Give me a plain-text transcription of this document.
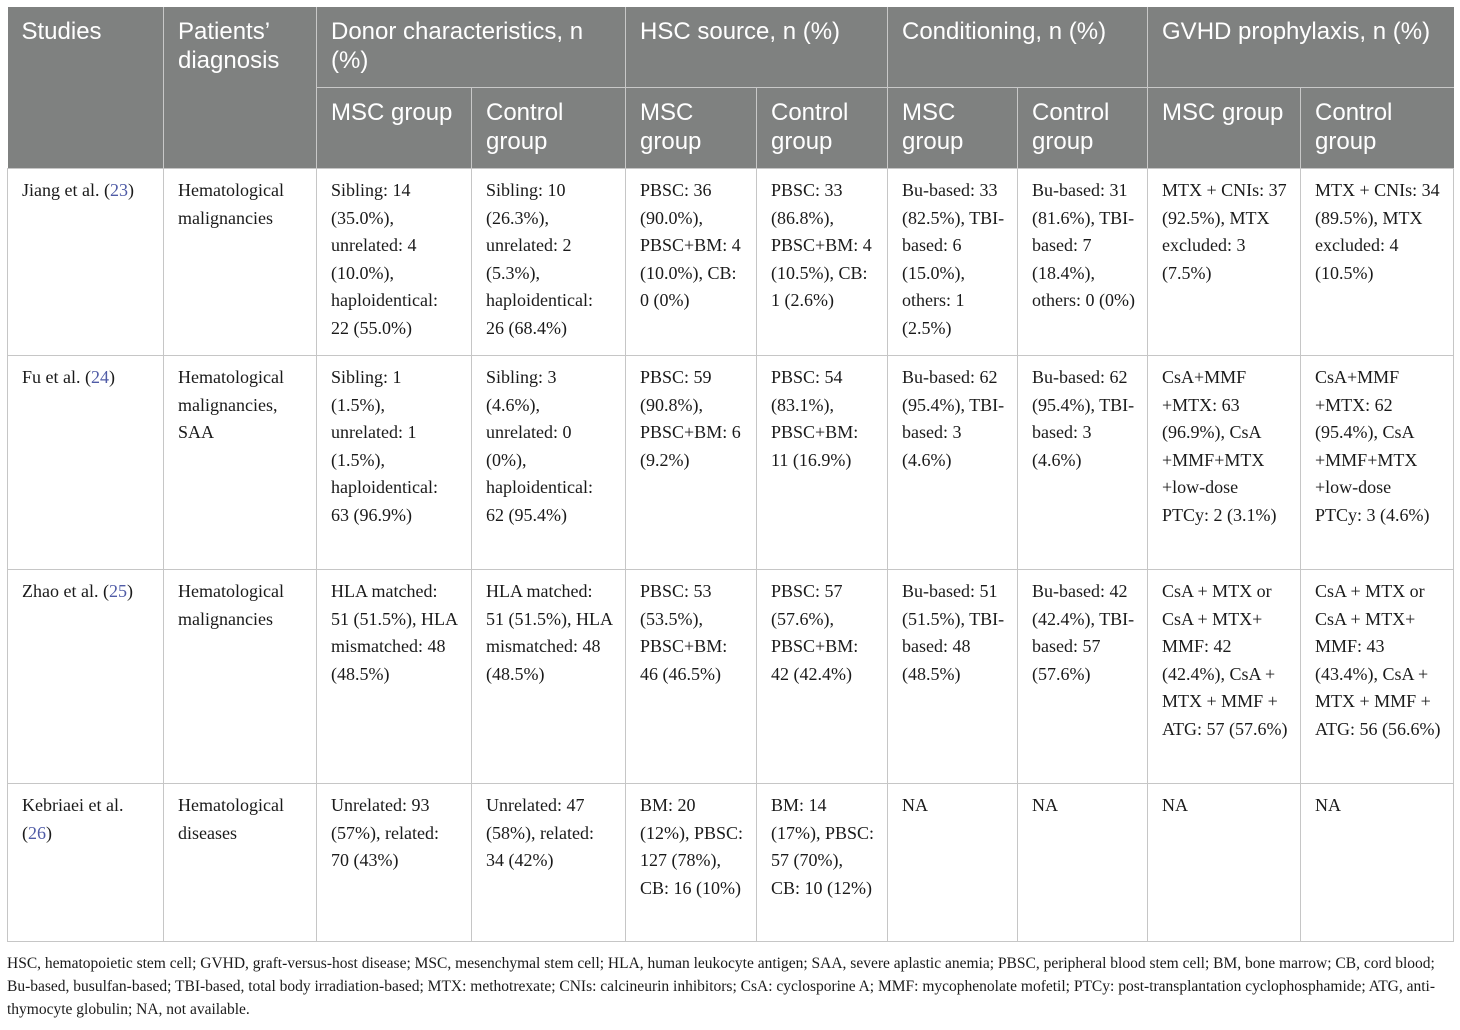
Studies	Patients’ diagnosis	Donor characteristics, n (%)		HSC source, n (%)		Conditioning, n (%)		GVHD prophylaxis, n (%)	
		MSC group	Control group	MSC group	Control group	MSC group	Control group	MSC group	Control group
Jiang et al. (23)	Hematological malignancies	Sibling: 14 (35.0%), unrelated: 4 (10.0%), haploidentical: 22 (55.0%)	Sibling: 10 (26.3%), unrelated: 2 (5.3%), haploidentical: 26 (68.4%)	PBSC: 36 (90.0%), PBSC+BM: 4 (10.0%), CB: 0 (0%)	PBSC: 33 (86.8%), PBSC+BM: 4 (10.5%), CB: 1 (2.6%)	Bu-based: 33 (82.5%), TBI-based: 6 (15.0%), others: 1 (2.5%)	Bu-based: 31 (81.6%), TBI-based: 7 (18.4%), others: 0 (0%)	MTX + CNIs: 37 (92.5%), MTX excluded: 3 (7.5%)	MTX + CNIs: 34 (89.5%), MTX excluded: 4 (10.5%)
Fu et al. (24)	Hematological malignancies, SAA	Sibling: 1 (1.5%), unrelated: 1 (1.5%), haploidentical: 63 (96.9%)	Sibling: 3 (4.6%), unrelated: 0 (0%), haploidentical: 62 (95.4%)	PBSC: 59 (90.8%), PBSC+BM: 6 (9.2%)	PBSC: 54 (83.1%), PBSC+BM: 11 (16.9%)	Bu-based: 62 (95.4%), TBI-based: 3 (4.6%)	Bu-based: 62 (95.4%), TBI-based: 3 (4.6%)	CsA+MMF +MTX: 63 (96.9%), CsA +MMF+MTX +low-dose PTCy: 2 (3.1%)	CsA+MMF +MTX: 62 (95.4%), CsA +MMF+MTX +low-dose PTCy: 3 (4.6%)
Zhao et al. (25)	Hematological malignancies	HLA matched: 51 (51.5%), HLA mismatched: 48 (48.5%)	HLA matched: 51 (51.5%), HLA mismatched: 48 (48.5%)	PBSC: 53 (53.5%), PBSC+BM: 46 (46.5%)	PBSC: 57 (57.6%), PBSC+BM: 42 (42.4%)	Bu-based: 51 (51.5%), TBI-based: 48 (48.5%)	Bu-based: 42 (42.4%), TBI-based: 57 (57.6%)	CsA + MTX or CsA + MTX+ MMF: 42 (42.4%), CsA + MTX + MMF + ATG: 57 (57.6%)	CsA + MTX or CsA + MTX+ MMF: 43 (43.4%), CsA + MTX + MMF + ATG: 56 (56.6%)
Kebriaei et al. (26)	Hematological diseases	Unrelated: 93 (57%), related: 70 (43%)	Unrelated: 47 (58%), related: 34 (42%)	BM: 20 (12%), PBSC: 127 (78%), CB: 16 (10%)	BM: 14 (17%), PBSC: 57 (70%), CB: 10 (12%)	NA	NA	NA	NA
HSC, hematopoietic stem cell; GVHD, graft-versus-host disease; MSC, mesenchymal stem cell; HLA, human leukocyte antigen; SAA, severe aplastic anemia; PBSC, peripheral blood stem cell; BM, bone marrow; CB, cord blood; Bu-based, busulfan-based; TBI-based, total body irradiation-based; MTX: methotrexate; CNIs: calcineurin inhibitors; CsA: cyclosporine A; MMF: mycophenolate mofetil; PTCy: post-transplantation cyclophosphamide; ATG, anti-thymocyte globulin; NA, not available.
